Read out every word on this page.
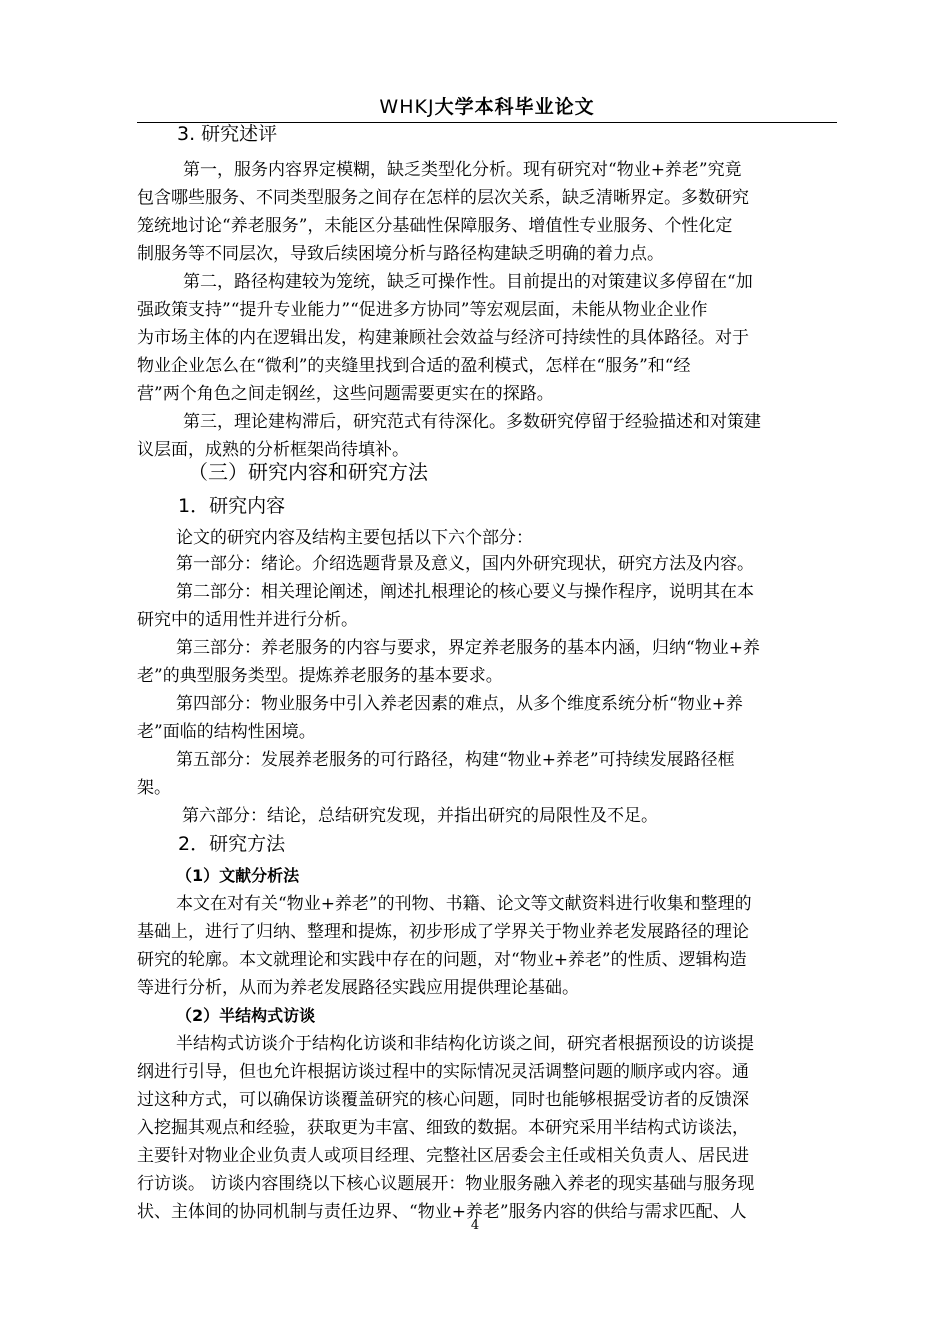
WHKJ大学本科毕业论文
3. 研究述评
第一，服务内容界定模糊，缺乏类型化分析。现有研究对“物业+养老”究竟
包含哪些服务、不同类型服务之间存在怎样的层次关系，缺乏清晰界定。多数研究
笼统地讨论“养老服务”，未能区分基础性保障服务、增值性专业服务、个性化定
制服务等不同层次，导致后续困境分析与路径构建缺乏明确的着力点。
第二，路径构建较为笼统，缺乏可操作性。目前提出的对策建议多停留在“加
强政策支持”“提升专业能力”“促进多方协同”等宏观层面，未能从物业企业作
为市场主体的内在逻辑出发，构建兼顾社会效益与经济可持续性的具体路径。对于
物业企业怎么在“微利”的夹缝里找到合适的盈利模式，怎样在“服务”和“经
营”两个角色之间走钢丝，这些问题需要更实在的探路。
第三，理论建构滞后，研究范式有待深化。多数研究停留于经验描述和对策建
议层面，成熟的分析框架尚待填补。
（三）研究内容和研究方法
1．研究内容
论文的研究内容及结构主要包括以下六个部分：
第一部分：绪论。介绍选题背景及意义，国内外研究现状，研究方法及内容。
第二部分：相关理论阐述，阐述扎根理论的核心要义与操作程序，说明其在本
研究中的适用性并进行分析。
第三部分：养老服务的内容与要求，界定养老服务的基本内涵，归纳“物业+养
老”的典型服务类型。提炼养老服务的基本要求。
第四部分：物业服务中引入养老因素的难点，从多个维度系统分析“物业+养
老”面临的结构性困境。
第五部分：发展养老服务的可行路径，构建“物业+养老”可持续发展路径框
架。
第六部分：结论，总结研究发现，并指出研究的局限性及不足。
2．研究方法
（1）文献分析法
本文在对有关“物业+养老”的刊物、书籍、论文等文献资料进行收集和整理的
基础上，进行了归纳、整理和提炼，初步形成了学界关于物业养老发展路径的理论
研究的轮廓。本文就理论和实践中存在的问题，对“物业+养老”的性质、逻辑构造
等进行分析，从而为养老发展路径实践应用提供理论基础。
（2）半结构式访谈
半结构式访谈介于结构化访谈和非结构化访谈之间，研究者根据预设的访谈提
纲进行引导，但也允许根据访谈过程中的实际情况灵活调整问题的顺序或内容。通
过这种方式，可以确保访谈覆盖研究的核心问题，同时也能够根据受访者的反馈深
入挖掘其观点和经验，获取更为丰富、细致的数据。本研究采用半结构式访谈法，
主要针对物业企业负责人或项目经理、完整社区居委会主任或相关负责人、居民进
行访谈。 访谈内容围绕以下核心议题展开：物业服务融入养老的现实基础与服务现
状、主体间的协同机制与责任边界、“物业+养老”服务内容的供给与需求匹配、人
4
